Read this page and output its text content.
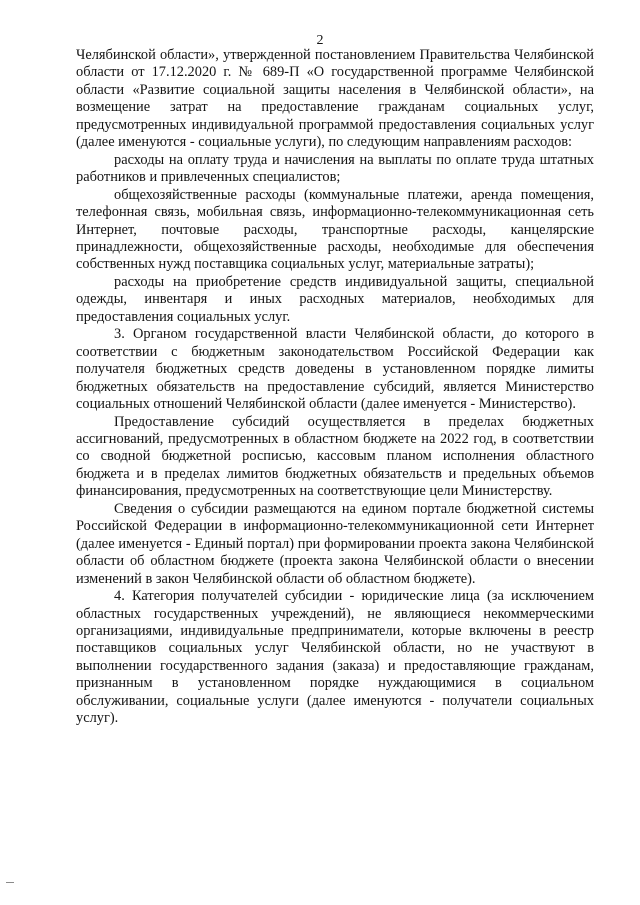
2

Челябинской области», утвержденной постановлением Правительства Челябинской области от 17.12.2020 г. № 689-П «О государственной программе Челябинской области «Развитие социальной защиты населения в Челябинской области», на возмещение затрат на предоставление гражданам социальных услуг, предусмотренных индивидуальной программой предоставления социальных услуг (далее именуются - социальные услуги), по следующим направлениям расходов:

расходы на оплату труда и начисления на выплаты по оплате труда штатных работников и привлеченных специалистов;

общехозяйственные расходы (коммунальные платежи, аренда помещения, телефонная связь, мобильная связь, информационно-телекоммуникационная сеть Интернет, почтовые расходы, транспортные расходы, канцелярские принадлежности, общехозяйственные расходы, необходимые для обеспечения собственных нужд поставщика социальных услуг, материальные затраты);

расходы на приобретение средств индивидуальной защиты, специальной одежды, инвентаря и иных расходных материалов, необходимых для предоставления социальных услуг.

3. Органом государственной власти Челябинской области, до которого в соответствии с бюджетным законодательством Российской Федерации как получателя бюджетных средств доведены в установленном порядке лимиты бюджетных обязательств на предоставление субсидий, является Министерство социальных отношений Челябинской области (далее именуется - Министерство).

Предоставление субсидий осуществляется в пределах бюджетных ассигнований, предусмотренных в областном бюджете на 2022 год, в соответствии со сводной бюджетной росписью, кассовым планом исполнения областного бюджета и в пределах лимитов бюджетных обязательств и предельных объемов финансирования, предусмотренных на соответствующие цели Министерству.

Сведения о субсидии размещаются на едином портале бюджетной системы Российской Федерации в информационно-телекоммуникационной сети Интернет (далее именуется - Единый портал) при формировании проекта закона Челябинской области об областном бюджете (проекта закона Челябинской области о внесении изменений в закон Челябинской области об областном бюджете).

4. Категория получателей субсидии - юридические лица (за исключением областных государственных учреждений), не являющиеся некоммерческими организациями, индивидуальные предприниматели, которые включены в реестр поставщиков социальных услуг Челябинской области, но не участвуют в выполнении государственного задания (заказа) и предоставляющие гражданам, признанным в установленном порядке нуждающимися в социальном обслуживании, социальные услуги (далее именуются - получатели социальных услуг).
